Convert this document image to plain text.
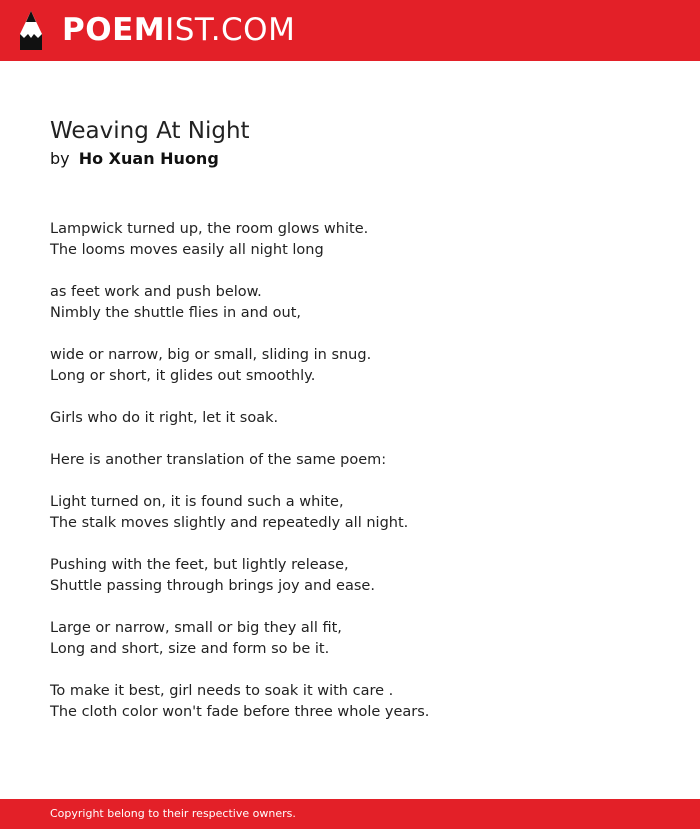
POEMIST.COM
Weaving At Night
by Ho Xuan Huong
Lampwick turned up, the room glows white.
The looms moves easily all night long
as feet work and push below.
Nimbly the shuttle flies in and out,
wide or narrow, big or small, sliding in snug.
Long or short, it glides out smoothly.
Girls who do it right, let it soak.
Here is another translation of the same poem:
Light turned on, it is found such a white,
The stalk moves slightly and repeatedly all night.
Pushing with the feet, but lightly release,
Shuttle passing through brings joy and ease.
Large or narrow, small or big they all fit,
Long and short, size and form so be it.
To make it best, girl needs to soak it with care .
The cloth color won't fade before three whole years.
Copyright belong to their respective owners.
